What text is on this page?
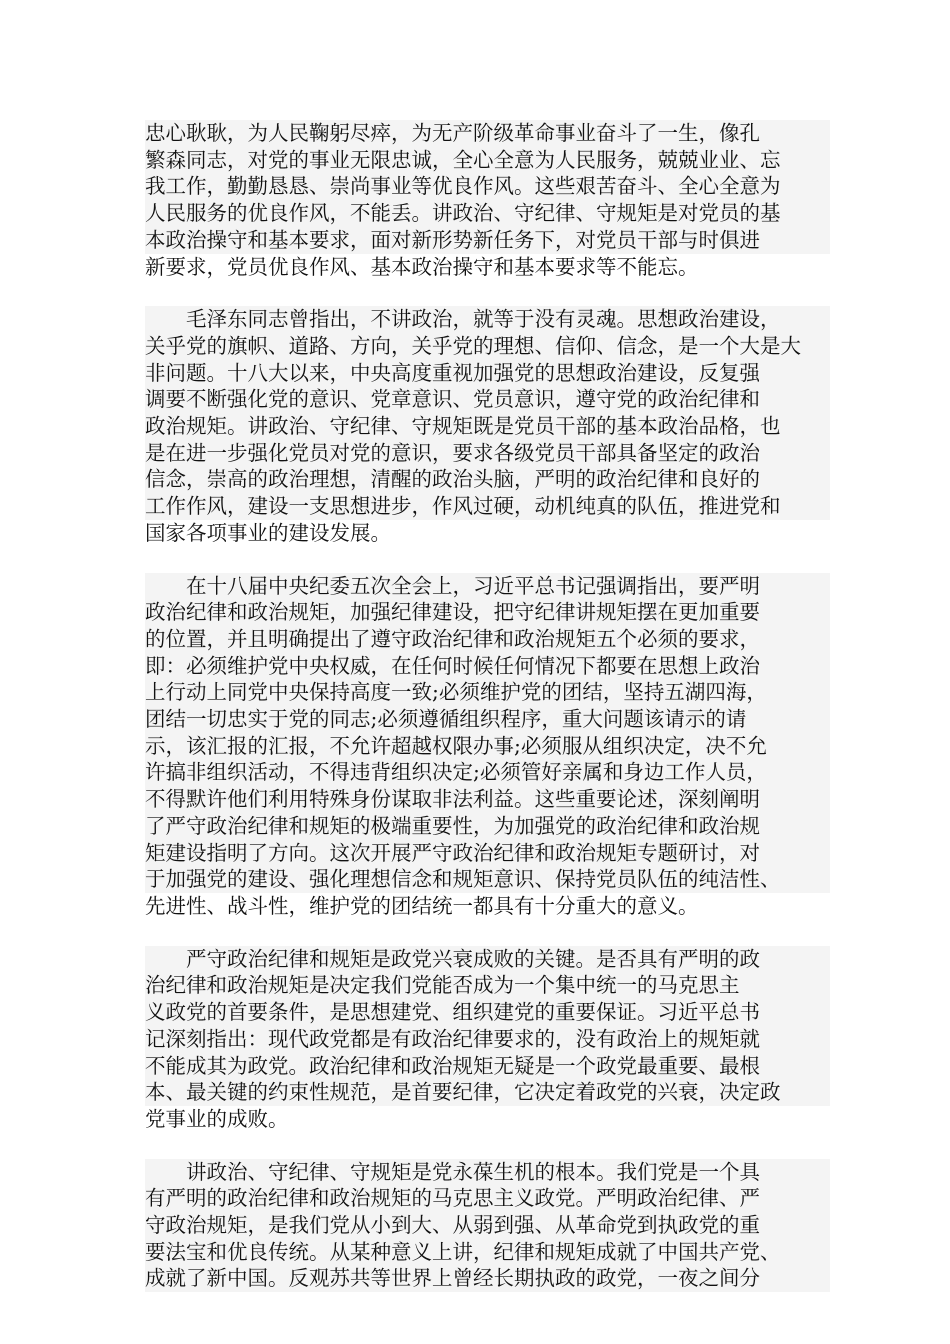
忠心耿耿，为人民鞠躬尽瘁，为无产阶级革命事业奋斗了一生，像孔
繁森同志，对党的事业无限忠诚，全心全意为人民服务，兢兢业业、忘
我工作，勤勤恳恳、崇尚事业等优良作风。这些艰苦奋斗、全心全意为
人民服务的优良作风，不能丢。讲政治、守纪律、守规矩是对党员的基
本政治操守和基本要求，面对新形势新任务下，对党员干部与时俱进
新要求，党员优良作风、基本政治操守和基本要求等不能忘。

　　毛泽东同志曾指出，不讲政治，就等于没有灵魂。思想政治建设，
关乎党的旗帜、道路、方向，关乎党的理想、信仰、信念，是一个大是大
非问题。十八大以来，中央高度重视加强党的思想政治建设，反复强
调要不断强化党的意识、党章意识、党员意识，遵守党的政治纪律和
政治规矩。讲政治、守纪律、守规矩既是党员干部的基本政治品格，也
是在进一步强化党员对党的意识，要求各级党员干部具备坚定的政治
信念，崇高的政治理想，清醒的政治头脑，严明的政治纪律和良好的
工作作风，建设一支思想进步，作风过硬，动机纯真的队伍，推进党和
国家各项事业的建设发展。

　　在十八届中央纪委五次全会上，习近平总书记强调指出，要严明
政治纪律和政治规矩，加强纪律建设，把守纪律讲规矩摆在更加重要
的位置，并且明确提出了遵守政治纪律和政治规矩五个必须的要求，
即：必须维护党中央权威，在任何时候任何情况下都要在思想上政治
上行动上同党中央保持高度一致;必须维护党的团结，坚持五湖四海，
团结一切忠实于党的同志;必须遵循组织程序，重大问题该请示的请
示，该汇报的汇报，不允许超越权限办事;必须服从组织决定，决不允
许搞非组织活动，不得违背组织决定;必须管好亲属和身边工作人员，
不得默许他们利用特殊身份谋取非法利益。这些重要论述，深刻阐明
了严守政治纪律和规矩的极端重要性，为加强党的政治纪律和政治规
矩建设指明了方向。这次开展严守政治纪律和政治规矩专题研讨，对
于加强党的建设、强化理想信念和规矩意识、保持党员队伍的纯洁性、
先进性、战斗性，维护党的团结统一都具有十分重大的意义。

　　严守政治纪律和规矩是政党兴衰成败的关键。是否具有严明的政
治纪律和政治规矩是决定我们党能否成为一个集中统一的马克思主
义政党的首要条件，是思想建党、组织建党的重要保证。习近平总书
记深刻指出：现代政党都是有政治纪律要求的，没有政治上的规矩就
不能成其为政党。政治纪律和政治规矩无疑是一个政党最重要、最根
本、最关键的约束性规范，是首要纪律，它决定着政党的兴衰，决定政
党事业的成败。

　　讲政治、守纪律、守规矩是党永葆生机的根本。我们党是一个具
有严明的政治纪律和政治规矩的马克思主义政党。严明政治纪律、严
守政治规矩，是我们党从小到大、从弱到强、从革命党到执政党的重
要法宝和优良传统。从某种意义上讲，纪律和规矩成就了中国共产党、
成就了新中国。反观苏共等世界上曾经长期执政的政党，一夜之间分
